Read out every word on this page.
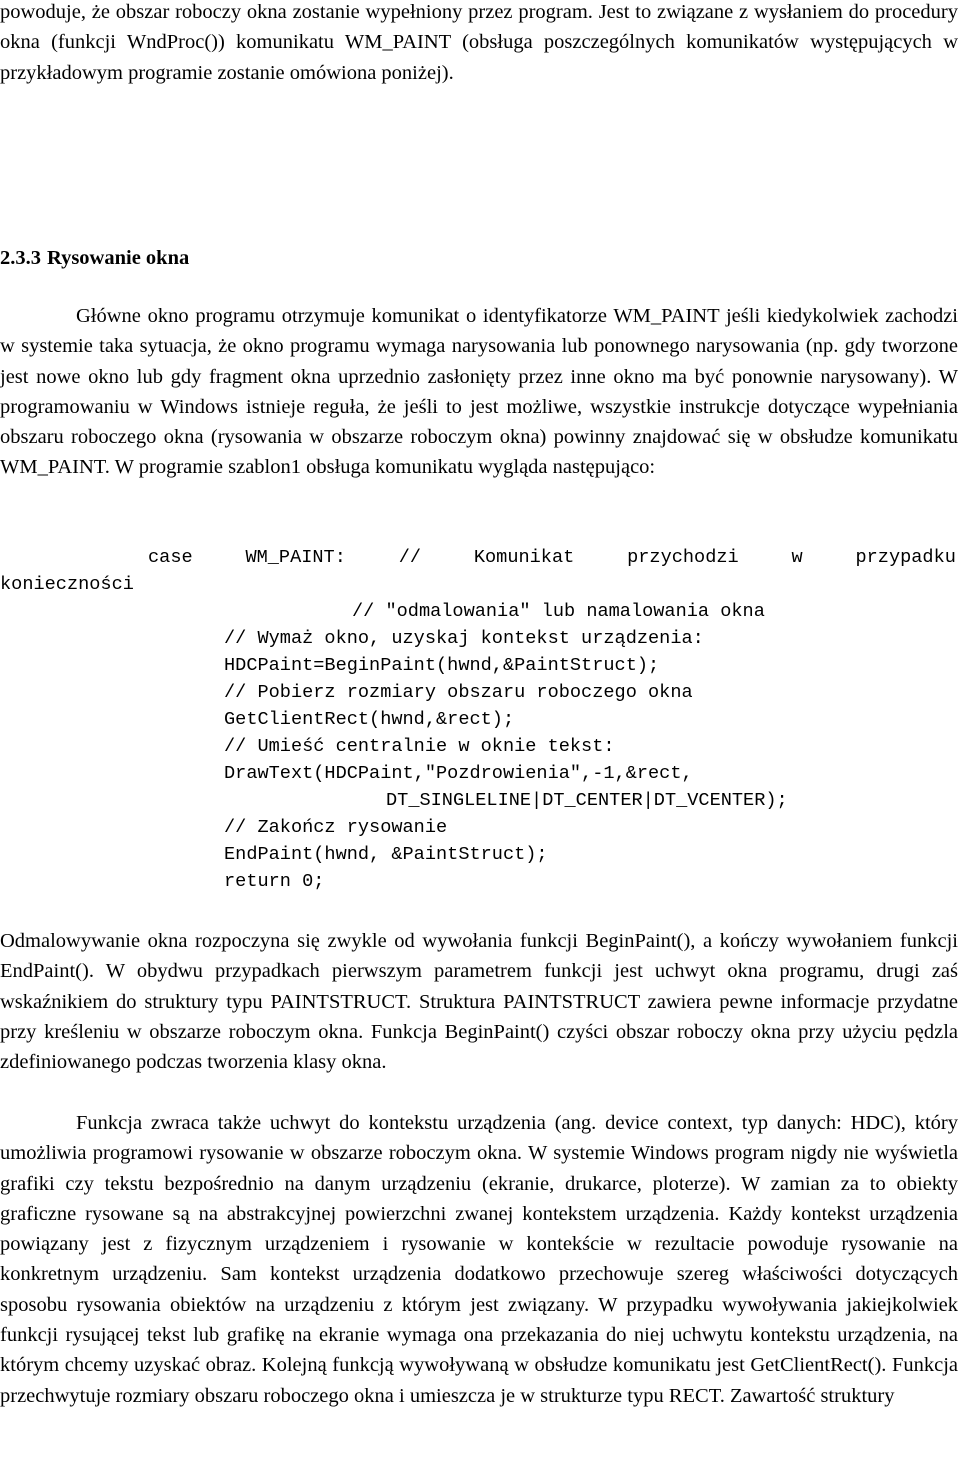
powoduje, że obszar roboczy okna zostanie wypełniony przez program. Jest to związane z wysłaniem do procedury okna (funkcji WndProc()) komunikatu WM_PAINT (obsługa poszczególnych komunikatów występujących w przykładowym programie zostanie omówiona poniżej).

2.3.3 Rysowanie okna

Główne okno programu otrzymuje komunikat o identyfikatorze WM_PAINT jeśli kiedykolwiek zachodzi w systemie taka sytuacja, że okno programu wymaga narysowania lub ponownego narysowania (np. gdy tworzone jest nowe okno lub gdy fragment okna uprzednio zasłonięty przez inne okno ma być ponownie narysowany). W programowaniu w Windows istnieje reguła, że jeśli to jest możliwe, wszystkie instrukcje dotyczące wypełniania obszaru roboczego okna (rysowania w obszarze roboczym okna) powinny znajdować się w obsłudze komunikatu WM_PAINT. W programie szablon1 obsługa komunikatu wygląda następująco:

case	WM_PAINT:	//	Komunikat	przychodzi	w	przypadku
konieczności
// "odmalowania" lub namalowania okna
// Wymaż okno, uzyskaj kontekst urządzenia:
HDCPaint=BeginPaint(hwnd,&PaintStruct);
// Pobierz rozmiary obszaru roboczego okna
GetClientRect(hwnd,&rect);
// Umieść centralnie w oknie tekst:
DrawText(HDCPaint,"Pozdrowienia",-1,&rect,
DT_SINGLELINE|DT_CENTER|DT_VCENTER);
// Zakończ rysowanie
EndPaint(hwnd, &PaintStruct);
return 0;

Odmalowywanie okna rozpoczyna się zwykle od wywołania funkcji BeginPaint(), a kończy wywołaniem funkcji EndPaint(). W obydwu przypadkach pierwszym parametrem funkcji jest uchwyt okna programu, drugi zaś wskaźnikiem do struktury typu PAINTSTRUCT. Struktura PAINTSTRUCT zawiera pewne informacje przydatne przy kreśleniu w obszarze roboczym okna. Funkcja BeginPaint() czyści obszar roboczy okna przy użyciu pędzla zdefiniowanego podczas tworzenia klasy okna.

Funkcja zwraca także uchwyt do kontekstu urządzenia (ang. device context, typ danych: HDC), który umożliwia programowi rysowanie w obszarze roboczym okna. W systemie Windows program nigdy nie wyświetla grafiki czy tekstu bezpośrednio na danym urządzeniu (ekranie, drukarce, ploterze). W zamian za to obiekty graficzne rysowane są na abstrakcyjnej powierzchni zwanej kontekstem urządzenia. Każdy kontekst urządzenia powiązany jest z fizycznym urządzeniem i rysowanie w kontekście w rezultacie powoduje rysowanie na konkretnym urządzeniu. Sam kontekst urządzenia dodatkowo przechowuje szereg właściwości dotyczących sposobu rysowania obiektów na urządzeniu z którym jest związany. W przypadku wywoływania jakiejkolwiek funkcji rysującej tekst lub grafikę na ekranie wymaga ona przekazania do niej uchwytu kontekstu urządzenia, na którym chcemy uzyskać obraz. Kolejną funkcją wywoływaną w obsłudze komunikatu jest GetClientRect(). Funkcja przechwytuje rozmiary obszaru roboczego okna i umieszcza je w strukturze typu RECT. Zawartość struktury
